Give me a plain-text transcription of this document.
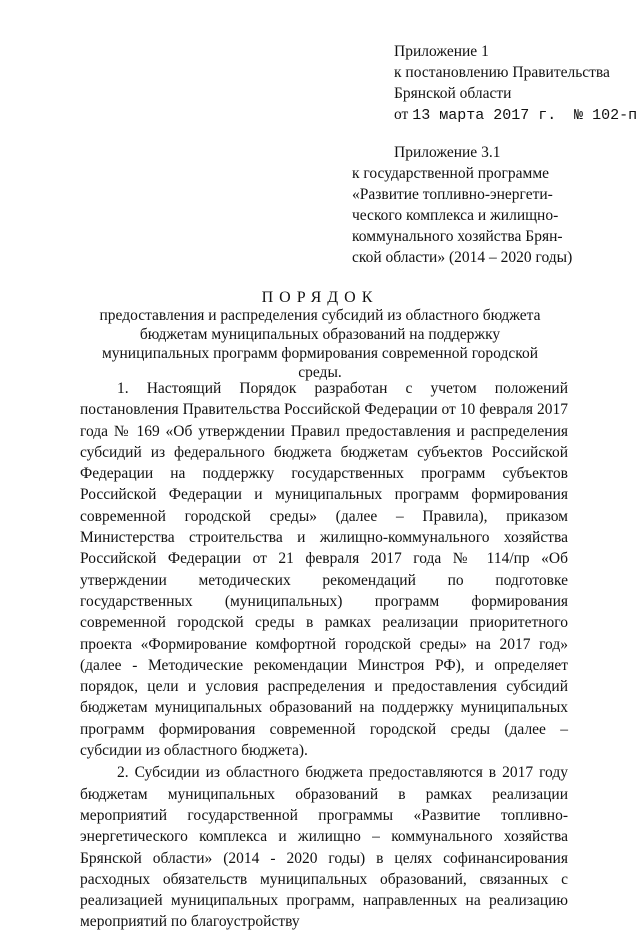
Приложение 1
к постановлению Правительства
Брянской области
от 13 марта 2017 г. № 102-п
Приложение 3.1
к государственной программе
«Развитие топливно-энергети-
ческого комплекса и жилищно-
коммунального хозяйства Брян-
ской области» (2014 – 2020 годы)
ПОРЯДОК
предоставления и распределения субсидий из областного бюджета бюджетам муниципальных образований на поддержку муниципальных программ формирования современной городской среды.

1. Настоящий Порядок разработан с учетом положений постановления Правительства Российской Федерации от 10 февраля 2017 года № 169 «Об утверждении Правил предоставления и распределения субсидий из федерального бюджета бюджетам субъектов Российской Федерации на поддержку государственных программ субъектов Российской Федерации и муниципальных программ формирования современной городской среды» (далее – Правила), приказом Министерства строительства и жилищно-коммунального хозяйства Российской Федерации от 21 февраля 2017 года № 114/пр «Об утверждении методических рекомендаций по подготовке государственных (муниципальных) программ формирования современной городской среды в рамках реализации приоритетного проекта «Формирование комфортной городской среды» на 2017 год» (далее - Методические рекомендации Минстроя РФ), и определяет порядок, цели и условия распределения и предоставления субсидий бюджетам муниципальных образований на поддержку муниципальных программ формирования современной городской среды (далее – субсидии из областного бюджета).

2. Субсидии из областного бюджета предоставляются в 2017 году бюджетам муниципальных образований в рамках реализации мероприятий государственной программы «Развитие топливно-энергетического комплекса и жилищно – коммунального хозяйства Брянской области» (2014 - 2020 годы) в целях софинансирования расходных обязательств муниципальных образований, связанных с реализацией муниципальных программ, направленных на реализацию мероприятий по благоустройству
